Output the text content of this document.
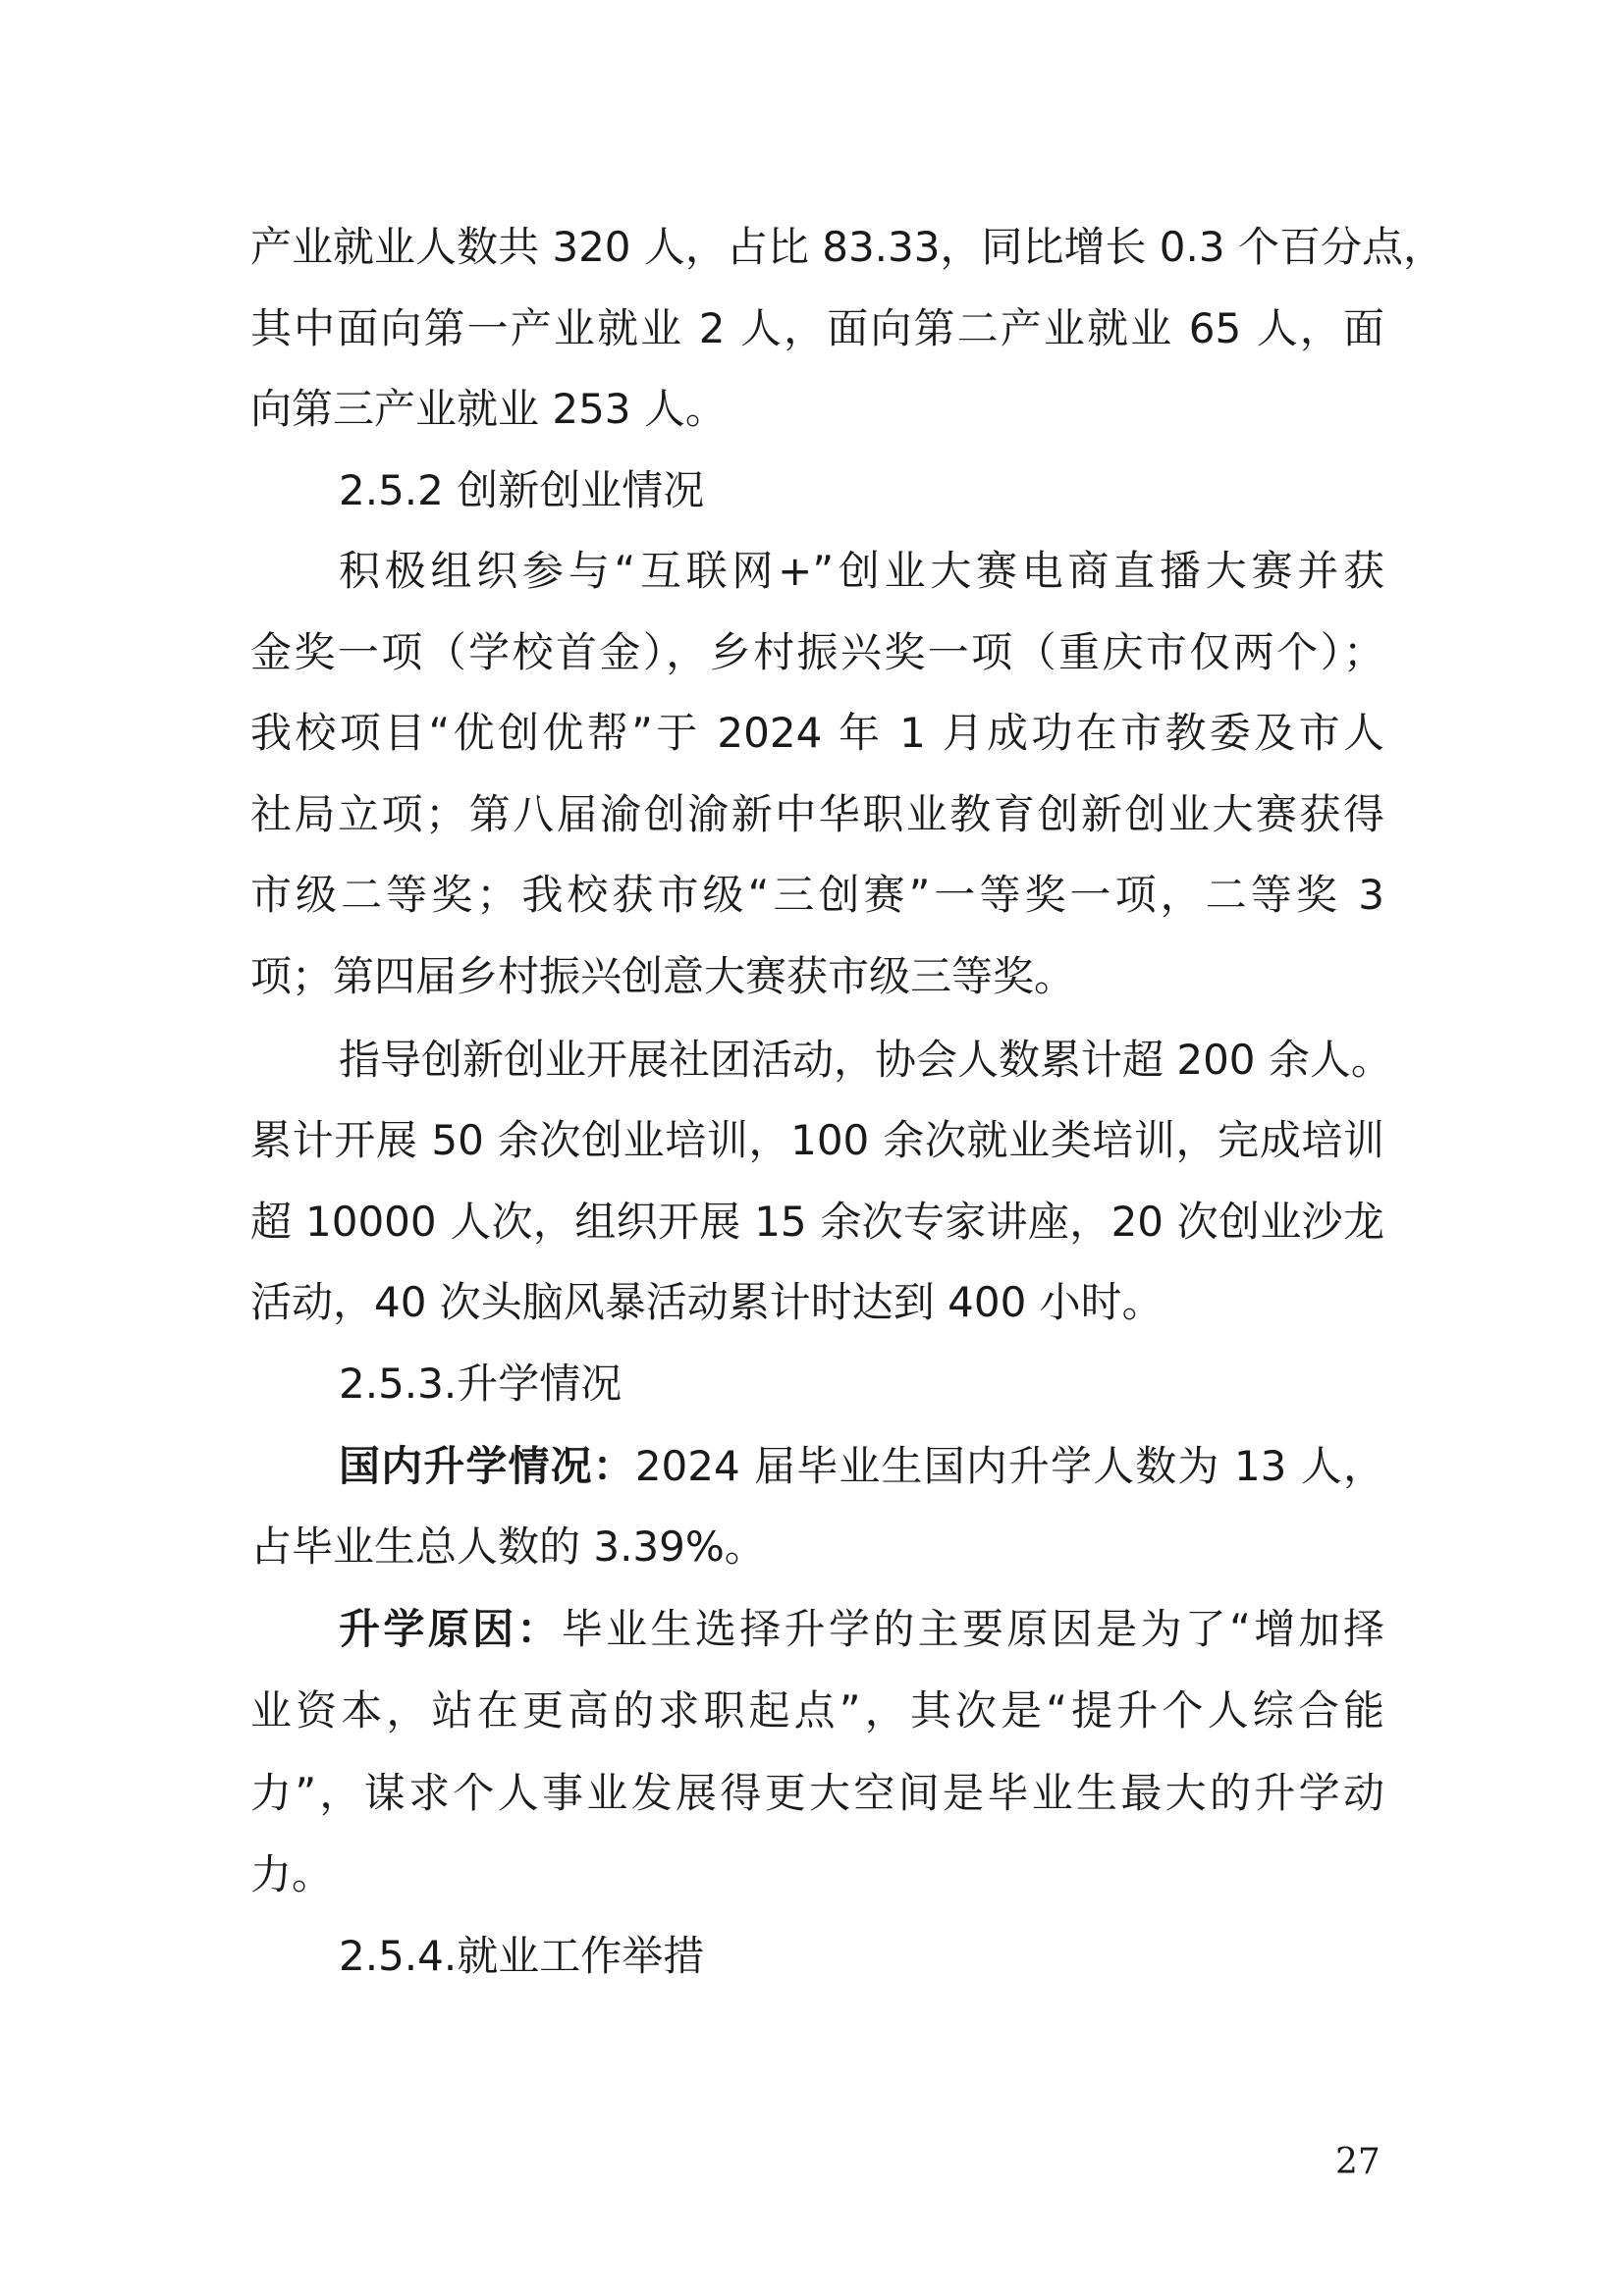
产业就业人数共 320 人，占比 83.33，同比增长 0.3 个百分点，
其中面向第一产业就业 2 人，面向第二产业就业 65 人，面
向第三产业就业 253 人。
2.5.2 创新创业情况
积极组织参与“互联网+”创业大赛电商直播大赛并获
金奖一项（学校首金），乡村振兴奖一项（重庆市仅两个）；
我校项目“优创优帮”于 2024 年 1 月成功在市教委及市人
社局立项；第八届渝创渝新中华职业教育创新创业大赛获得
市级二等奖；我校获市级“三创赛”一等奖一项，二等奖 3
项；第四届乡村振兴创意大赛获市级三等奖。
指导创新创业开展社团活动，协会人数累计超 200 余人。
累计开展 50 余次创业培训，100 余次就业类培训，完成培训
超 10000 人次，组织开展 15 余次专家讲座，20 次创业沙龙
活动，40 次头脑风暴活动累计时达到 400 小时。
2.5.3.升学情况
国内升学情况：2024 届毕业生国内升学人数为 13 人，
占毕业生总人数的 3.39%。
升学原因：毕业生选择升学的主要原因是为了“增加择
业资本，站在更高的求职起点”，其次是“提升个人综合能
力”，谋求个人事业发展得更大空间是毕业生最大的升学动
力。
2.5.4.就业工作举措
27
